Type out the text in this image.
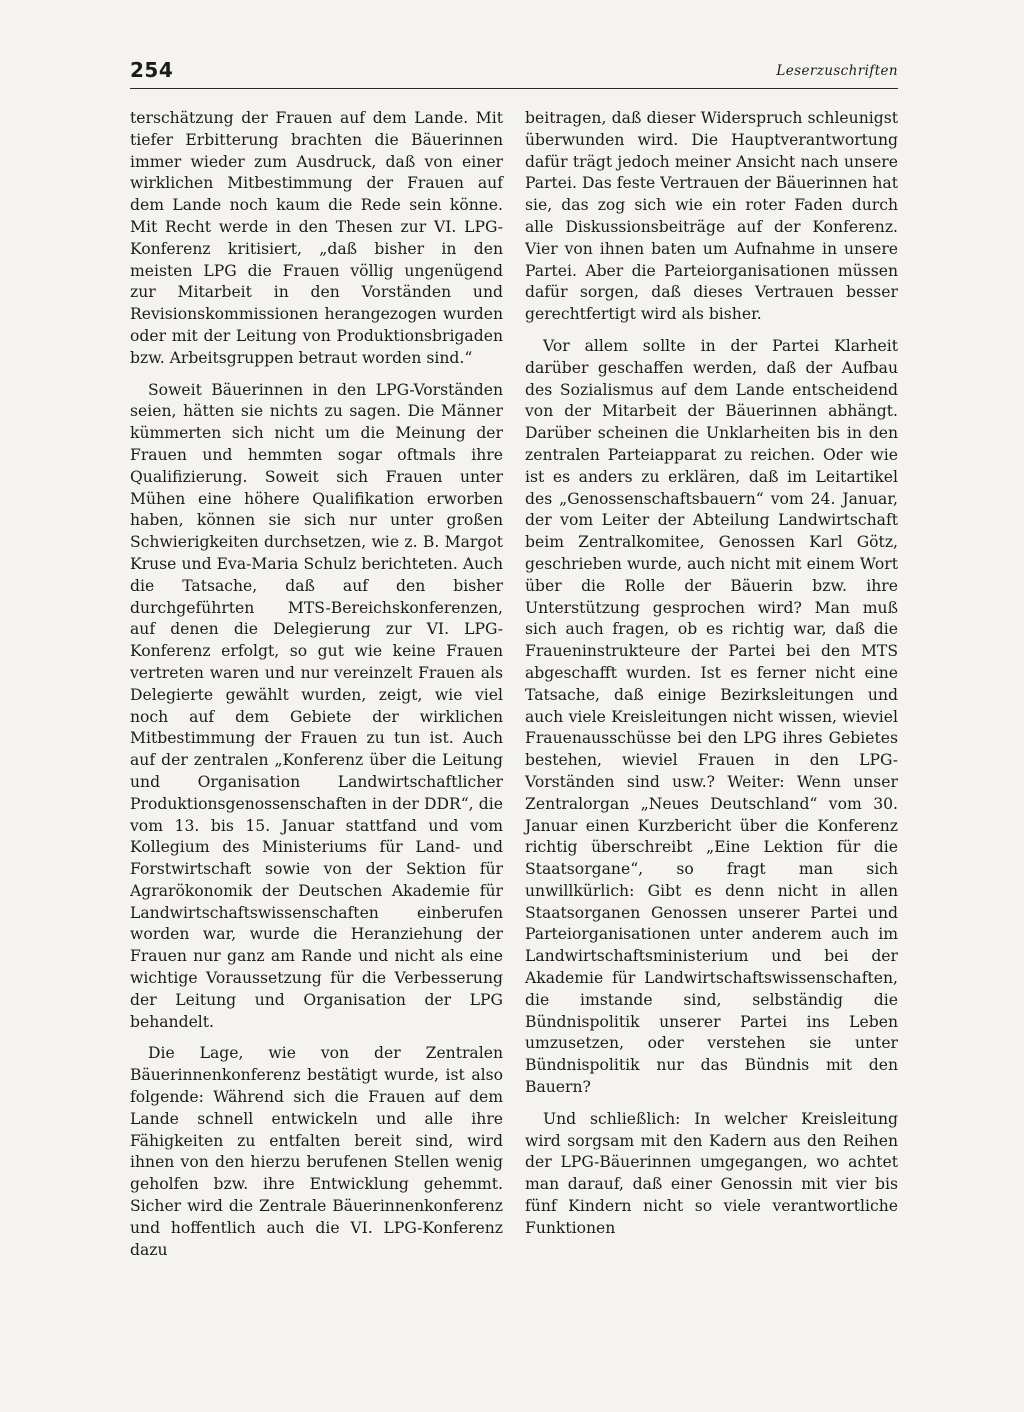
254	Leserzuschriften

terschätzung der Frauen auf dem Lande. Mit tiefer Erbitterung brachten die Bäuerinnen immer wieder zum Ausdruck, daß von einer wirklichen Mitbestimmung der Frauen auf dem Lande noch kaum die Rede sein könne. Mit Recht werde in den Thesen zur VI. LPG-Konferenz kritisiert, „daß bisher in den meisten LPG die Frauen völlig ungenügend zur Mitarbeit in den Vorständen und Revisionskommissionen herangezogen wurden oder mit der Leitung von Produktionsbrigaden bzw. Arbeitsgruppen betraut worden sind.“

Soweit Bäuerinnen in den LPG-Vorständen seien, hätten sie nichts zu sagen. Die Männer kümmerten sich nicht um die Meinung der Frauen und hemmten sogar oftmals ihre Qualifizierung. Soweit sich Frauen unter Mühen eine höhere Qualifikation erworben haben, können sie sich nur unter großen Schwierigkeiten durchsetzen, wie z. B. Margot Kruse und Eva-Maria Schulz berichteten. Auch die Tatsache, daß auf den bisher durchgeführten MTS-Bereichskonferenzen, auf denen die Delegierung zur VI. LPG-Konferenz erfolgt, so gut wie keine Frauen vertreten waren und nur vereinzelt Frauen als Delegierte gewählt wurden, zeigt, wie viel noch auf dem Gebiete der wirklichen Mitbestimmung der Frauen zu tun ist. Auch auf der zentralen „Konferenz über die Leitung und Organisation Landwirtschaftlicher Produktionsgenossenschaften in der DDR“, die vom 13. bis 15. Januar stattfand und vom Kollegium des Ministeriums für Land- und Forstwirtschaft sowie von der Sektion für Agrarökonomik der Deutschen Akademie für Landwirtschaftswissenschaften einberufen worden war, wurde die Heranziehung der Frauen nur ganz am Rande und nicht als eine wichtige Voraussetzung für die Verbesserung der Leitung und Organisation der LPG behandelt.

Die Lage, wie von der Zentralen Bäuerinnenkonferenz bestätigt wurde, ist also folgende: Während sich die Frauen auf dem Lande schnell entwickeln und alle ihre Fähigkeiten zu entfalten bereit sind, wird ihnen von den hierzu berufenen Stellen wenig geholfen bzw. ihre Entwicklung gehemmt. Sicher wird die Zentrale Bäuerinnenkonferenz und hoffentlich auch die VI. LPG-Konferenz dazu

beitragen, daß dieser Widerspruch schleunigst überwunden wird. Die Hauptverantwortung dafür trägt jedoch meiner Ansicht nach unsere Partei. Das feste Vertrauen der Bäuerinnen hat sie, das zog sich wie ein roter Faden durch alle Diskussionsbeiträge auf der Konferenz. Vier von ihnen baten um Aufnahme in unsere Partei. Aber die Parteiorganisationen müssen dafür sorgen, daß dieses Vertrauen besser gerechtfertigt wird als bisher.

Vor allem sollte in der Partei Klarheit darüber geschaffen werden, daß der Aufbau des Sozialismus auf dem Lande entscheidend von der Mitarbeit der Bäuerinnen abhängt. Darüber scheinen die Unklarheiten bis in den zentralen Parteiapparat zu reichen. Oder wie ist es anders zu erklären, daß im Leitartikel des „Genossenschaftsbauern“ vom 24. Januar, der vom Leiter der Abteilung Landwirtschaft beim Zentralkomitee, Genossen Karl Götz, geschrieben wurde, auch nicht mit einem Wort über die Rolle der Bäuerin bzw. ihre Unterstützung gesprochen wird? Man muß sich auch fragen, ob es richtig war, daß die Fraueninstrukteure der Partei bei den MTS abgeschafft wurden. Ist es ferner nicht eine Tatsache, daß einige Bezirksleitungen und auch viele Kreisleitungen nicht wissen, wieviel Frauenausschüsse bei den LPG ihres Gebietes bestehen, wieviel Frauen in den LPG-Vorständen sind usw.? Weiter: Wenn unser Zentralorgan „Neues Deutschland“ vom 30. Januar einen Kurzbericht über die Konferenz richtig überschreibt „Eine Lektion für die Staatsorgane“, so fragt man sich unwillkürlich: Gibt es denn nicht in allen Staatsorganen Genossen unserer Partei und Parteiorganisationen unter anderem auch im Landwirtschaftsministerium und bei der Akademie für Landwirtschaftswissenschaften, die imstande sind, selbständig die Bündnispolitik unserer Partei ins Leben umzusetzen, oder verstehen sie unter Bündnispolitik nur das Bündnis mit den Bauern?

Und schließlich: In welcher Kreisleitung wird sorgsam mit den Kadern aus den Reihen der LPG-Bäuerinnen umgegangen, wo achtet man darauf, daß einer Genossin mit vier bis fünf Kindern nicht so viele verantwortliche Funktionen
